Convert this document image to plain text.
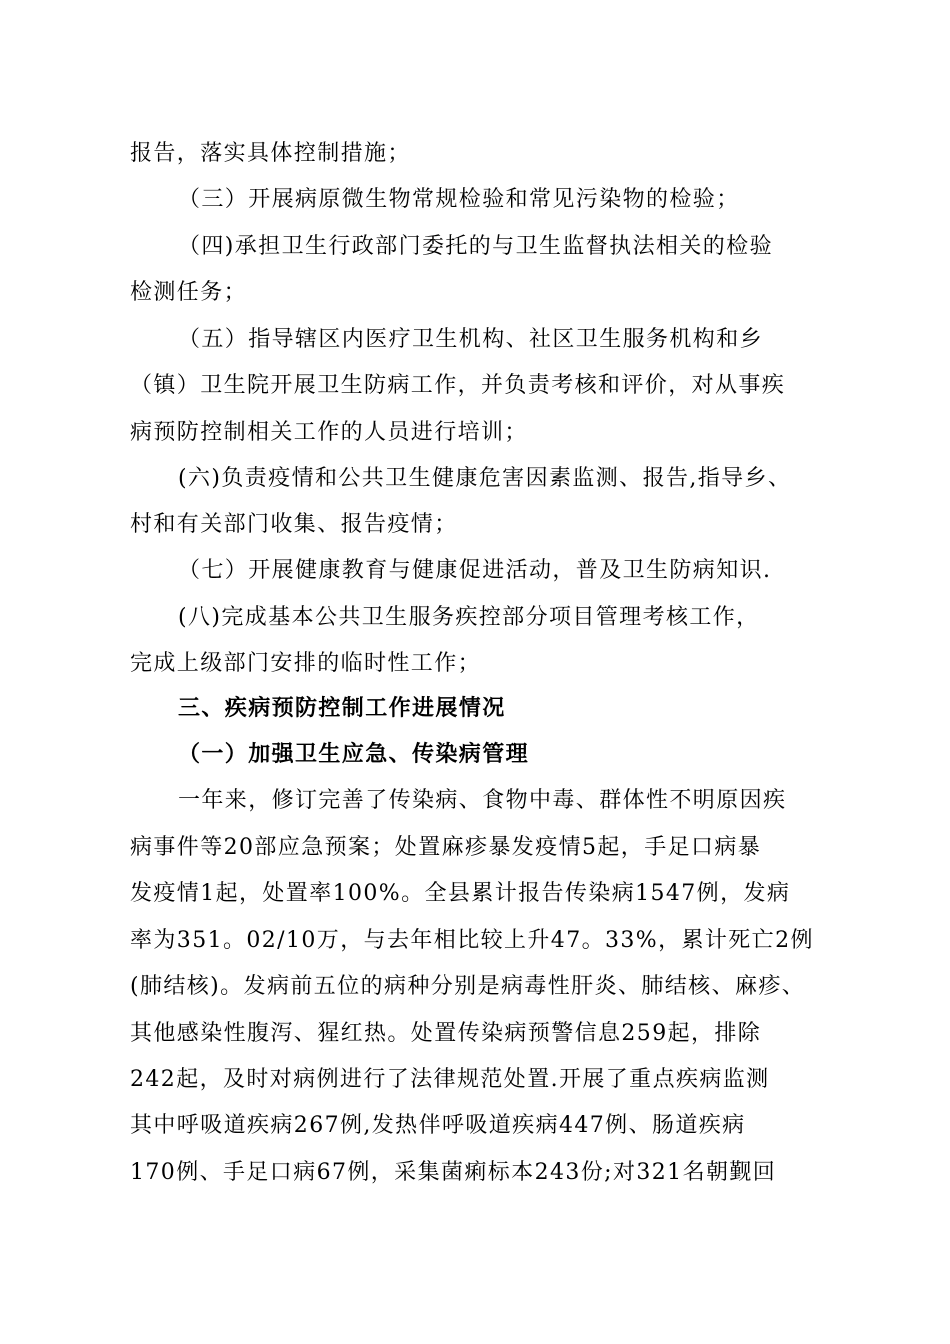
报告，落实具体控制措施；
（三）开展病原微生物常规检验和常见污染物的检验；
（四)承担卫生行政部门委托的与卫生监督执法相关的检验
检测任务；
（五）指导辖区内医疗卫生机构、社区卫生服务机构和乡
（镇）卫生院开展卫生防病工作，并负责考核和评价，对从事疾
病预防控制相关工作的人员进行培训；
(六)负责疫情和公共卫生健康危害因素监测、报告,指导乡、
村和有关部门收集、报告疫情；
（七）开展健康教育与健康促进活动，普及卫生防病知识.
(八)完成基本公共卫生服务疾控部分项目管理考核工作，
完成上级部门安排的临时性工作；
三、疾病预防控制工作进展情况
（一）加强卫生应急、传染病管理
一年来，修订完善了传染病、食物中毒、群体性不明原因疾
病事件等20部应急预案；处置麻疹暴发疫情5起，手足口病暴
发疫情1起，处置率100%。全县累计报告传染病1547例，发病
率为351。02/10万，与去年相比较上升47。33%，累计死亡2例
(肺结核)。发病前五位的病种分别是病毒性肝炎、肺结核、麻疹、
其他感染性腹泻、猩红热。处置传染病预警信息259起，排除
242起，及时对病例进行了法律规范处置.开展了重点疾病监测
其中呼吸道疾病267例,发热伴呼吸道疾病447例、肠道疾病
170例、手足口病67例，采集菌痢标本243份;对321名朝觐回
